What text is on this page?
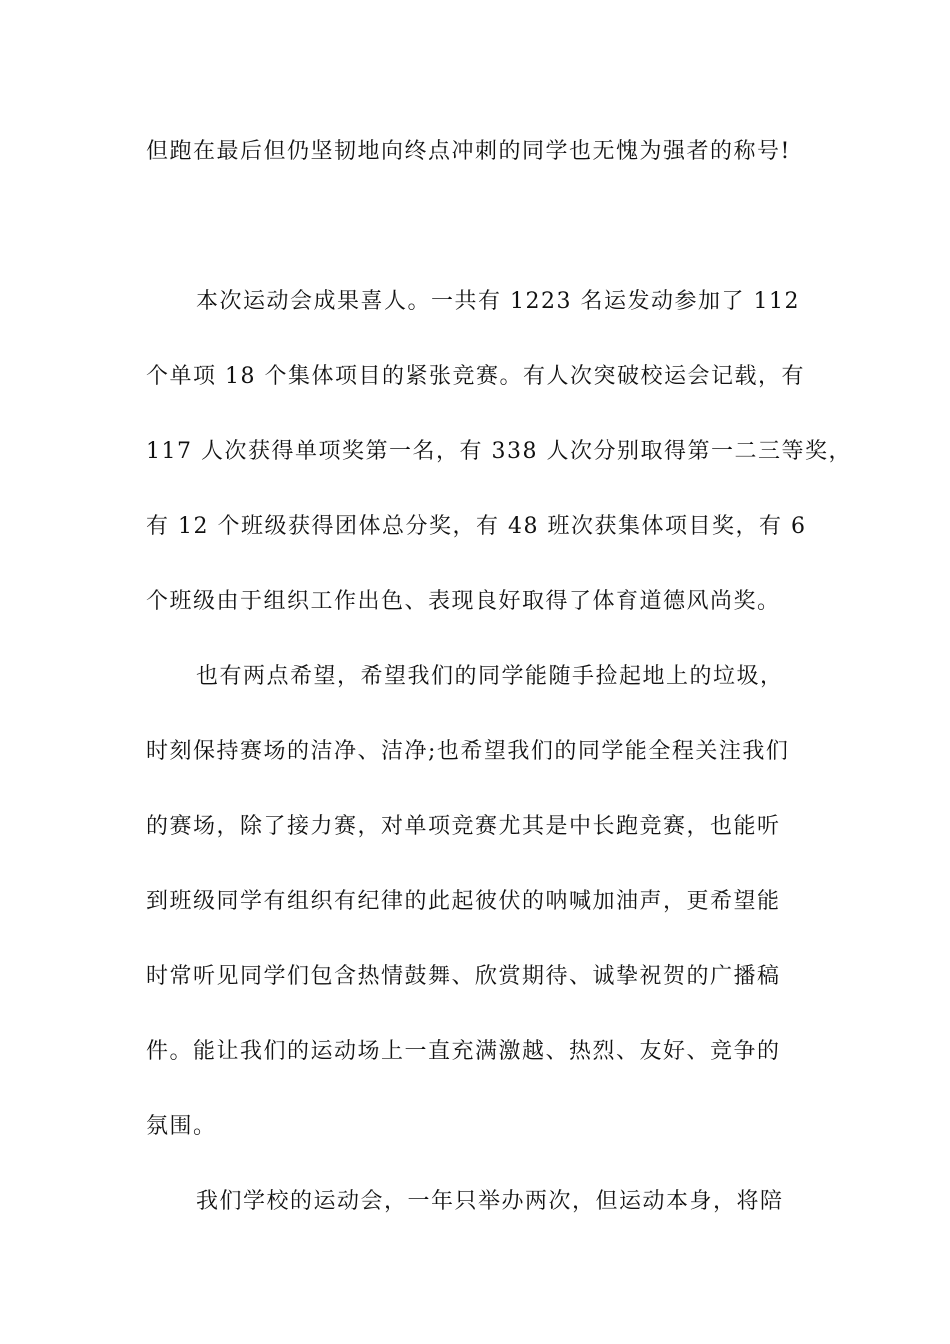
但跑在最后但仍坚韧地向终点冲刺的同学也无愧为强者的称号!
本次运动会成果喜人。一共有 1223 名运发动参加了 112
个单项 18 个集体项目的紧张竞赛。有人次突破校运会记载，有
117 人次获得单项奖第一名，有 338 人次分别取得第一二三等奖，
有 12 个班级获得团体总分奖，有 48 班次获集体项目奖，有 6
个班级由于组织工作出色、表现良好取得了体育道德风尚奖。
也有两点希望，希望我们的同学能随手捡起地上的垃圾，
时刻保持赛场的洁净、洁净;也希望我们的同学能全程关注我们
的赛场，除了接力赛，对单项竞赛尤其是中长跑竞赛，也能听
到班级同学有组织有纪律的此起彼伏的呐喊加油声，更希望能
时常听见同学们包含热情鼓舞、欣赏期待、诚挚祝贺的广播稿
件。能让我们的运动场上一直充满激越、热烈、友好、竞争的
氛围。
我们学校的运动会，一年只举办两次，但运动本身，将陪
